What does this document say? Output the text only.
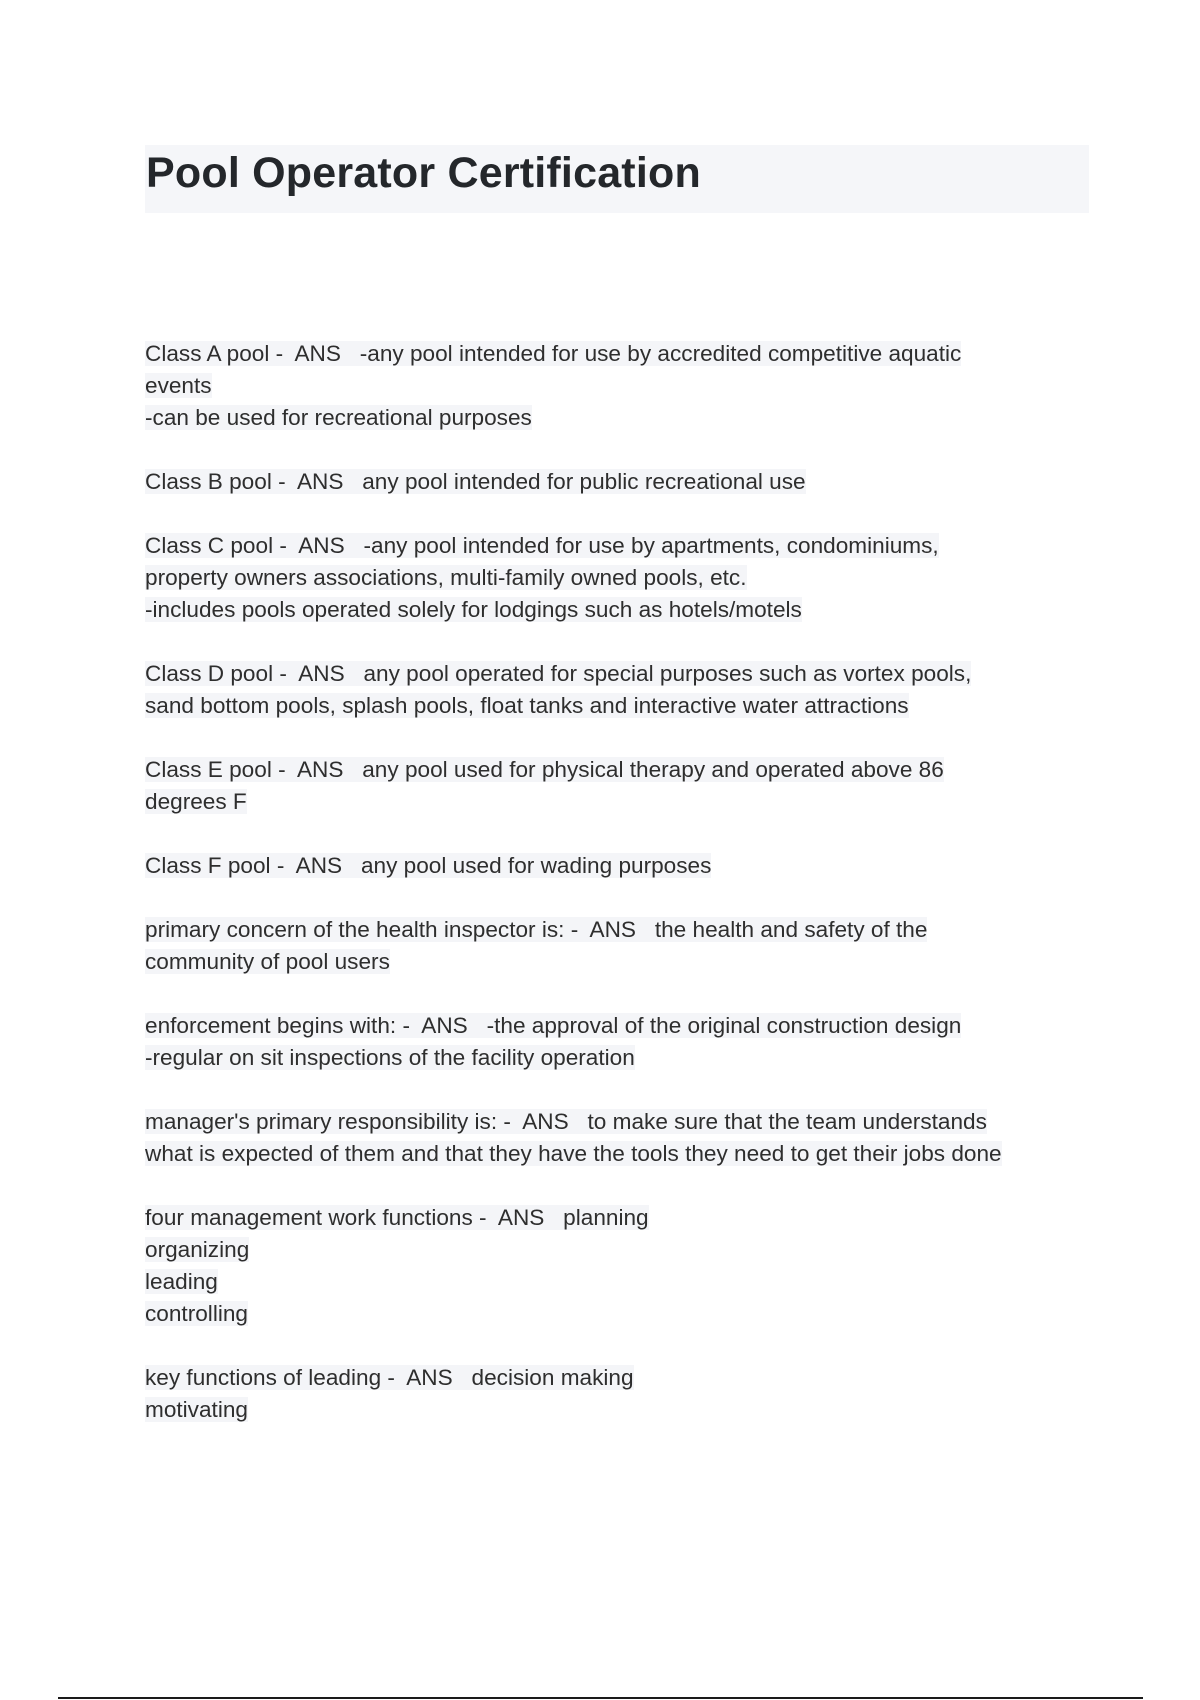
Pool Operator Certification
Class A pool -  ANS   -any pool intended for use by accredited competitive aquatic
events
-can be used for recreational purposes
Class B pool -  ANS   any pool intended for public recreational use
Class C pool -  ANS   -any pool intended for use by apartments, condominiums,
property owners associations, multi-family owned pools, etc.
-includes pools operated solely for lodgings such as hotels/motels
Class D pool -  ANS   any pool operated for special purposes such as vortex pools,
sand bottom pools, splash pools, float tanks and interactive water attractions
Class E pool -  ANS   any pool used for physical therapy and operated above 86
degrees F
Class F pool -  ANS   any pool used for wading purposes
primary concern of the health inspector is: -  ANS   the health and safety of the
community of pool users
enforcement begins with: -  ANS   -the approval of the original construction design
-regular on sit inspections of the facility operation
manager's primary responsibility is: -  ANS   to make sure that the team understands
what is expected of them and that they have the tools they need to get their jobs done
four management work functions -  ANS   planning
organizing
leading
controlling
key functions of leading -  ANS   decision making
motivating
